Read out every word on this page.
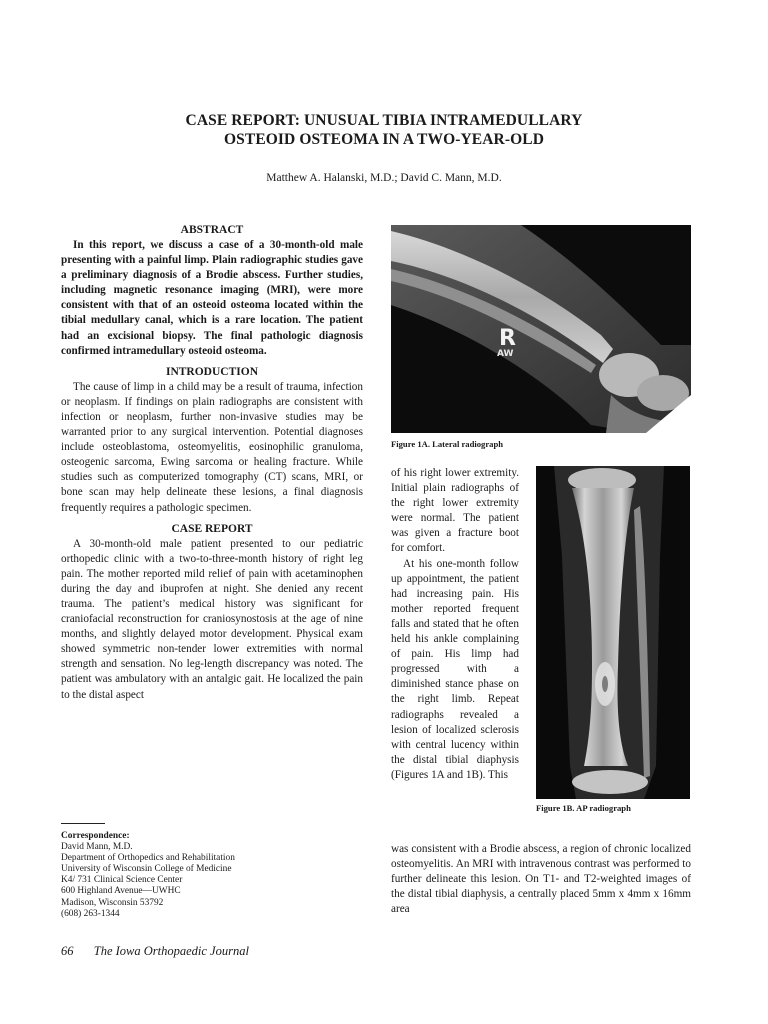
CASE REPORT: UNUSUAL TIBIA INTRAMEDULLARY
OSTEOID OSTEOMA IN A TWO-YEAR-OLD
Matthew A. Halanski, M.D.; David C. Mann, M.D.
ABSTRACT

In this report, we discuss a case of a 30-month-old male presenting with a painful limp. Plain radiographic studies gave a preliminary diagnosis of a Brodie abscess. Further studies, including magnetic resonance imaging (MRI), were more consistent with that of an osteoid osteoma located within the tibial medullary canal, which is a rare location. The patient had an excisional biopsy. The final pathologic diagnosis confirmed intramedullary osteoid osteoma.

INTRODUCTION

The cause of limp in a child may be a result of trauma, infection or neoplasm. If findings on plain radiographs are consistent with infection or neoplasm, further non-invasive studies may be warranted prior to any surgical intervention. Potential diagnoses include osteoblastoma, osteomyelitis, eosinophilic granuloma, osteogenic sarcoma, Ewing sarcoma or healing fracture. While studies such as computerized tomography (CT) scans, MRI, or bone scan may help delineate these lesions, a final diagnosis frequently requires a pathologic specimen.

CASE REPORT

A 30-month-old male patient presented to our pediatric orthopedic clinic with a two-to-three-month history of right leg pain. The mother reported mild relief of pain with acetaminophen during the day and ibuprofen at night. She denied any recent trauma. The patient’s medical history was significant for craniofacial reconstruction for craniosynostosis at the age of nine months, and slightly delayed motor development. Physical exam showed symmetric non-tender lower extremities with normal strength and sensation. No leg-length discrepancy was noted. The patient was ambulatory with an antalgic gait. He localized the pain to the distal aspect

Correspondence:
David Mann, M.D.
Department of Orthopedics and Rehabilitation
University of Wisconsin College of Medicine
K4/ 731 Clinical Science Center
600 Highland Avenue—UWHC
Madison, Wisconsin 53792
(608) 263-1344
R
AW
Figure 1A. Lateral radiograph

of his right lower extremity. Initial plain radiographs of the right lower extremity were normal. The patient was given a fracture boot for comfort.

At his one-month follow up appointment, the patient had increasing pain. His mother reported frequent falls and stated that he often held his ankle complaining of pain. His limp had progressed with a diminished stance phase on the right limb. Repeat radiographs revealed a lesion of localized sclerosis with central lucency within the distal tibial diaphysis (Figures 1A and 1B). This

Figure 1B. AP radiograph

was consistent with a Brodie abscess, a region of chronic localized osteomyelitis. An MRI with intravenous contrast was performed to further delineate this lesion. On T1- and T2-weighted images of the distal tibial diaphysis, a centrally placed 5mm x 4mm x 16mm area

66 The Iowa Orthopaedic Journal
